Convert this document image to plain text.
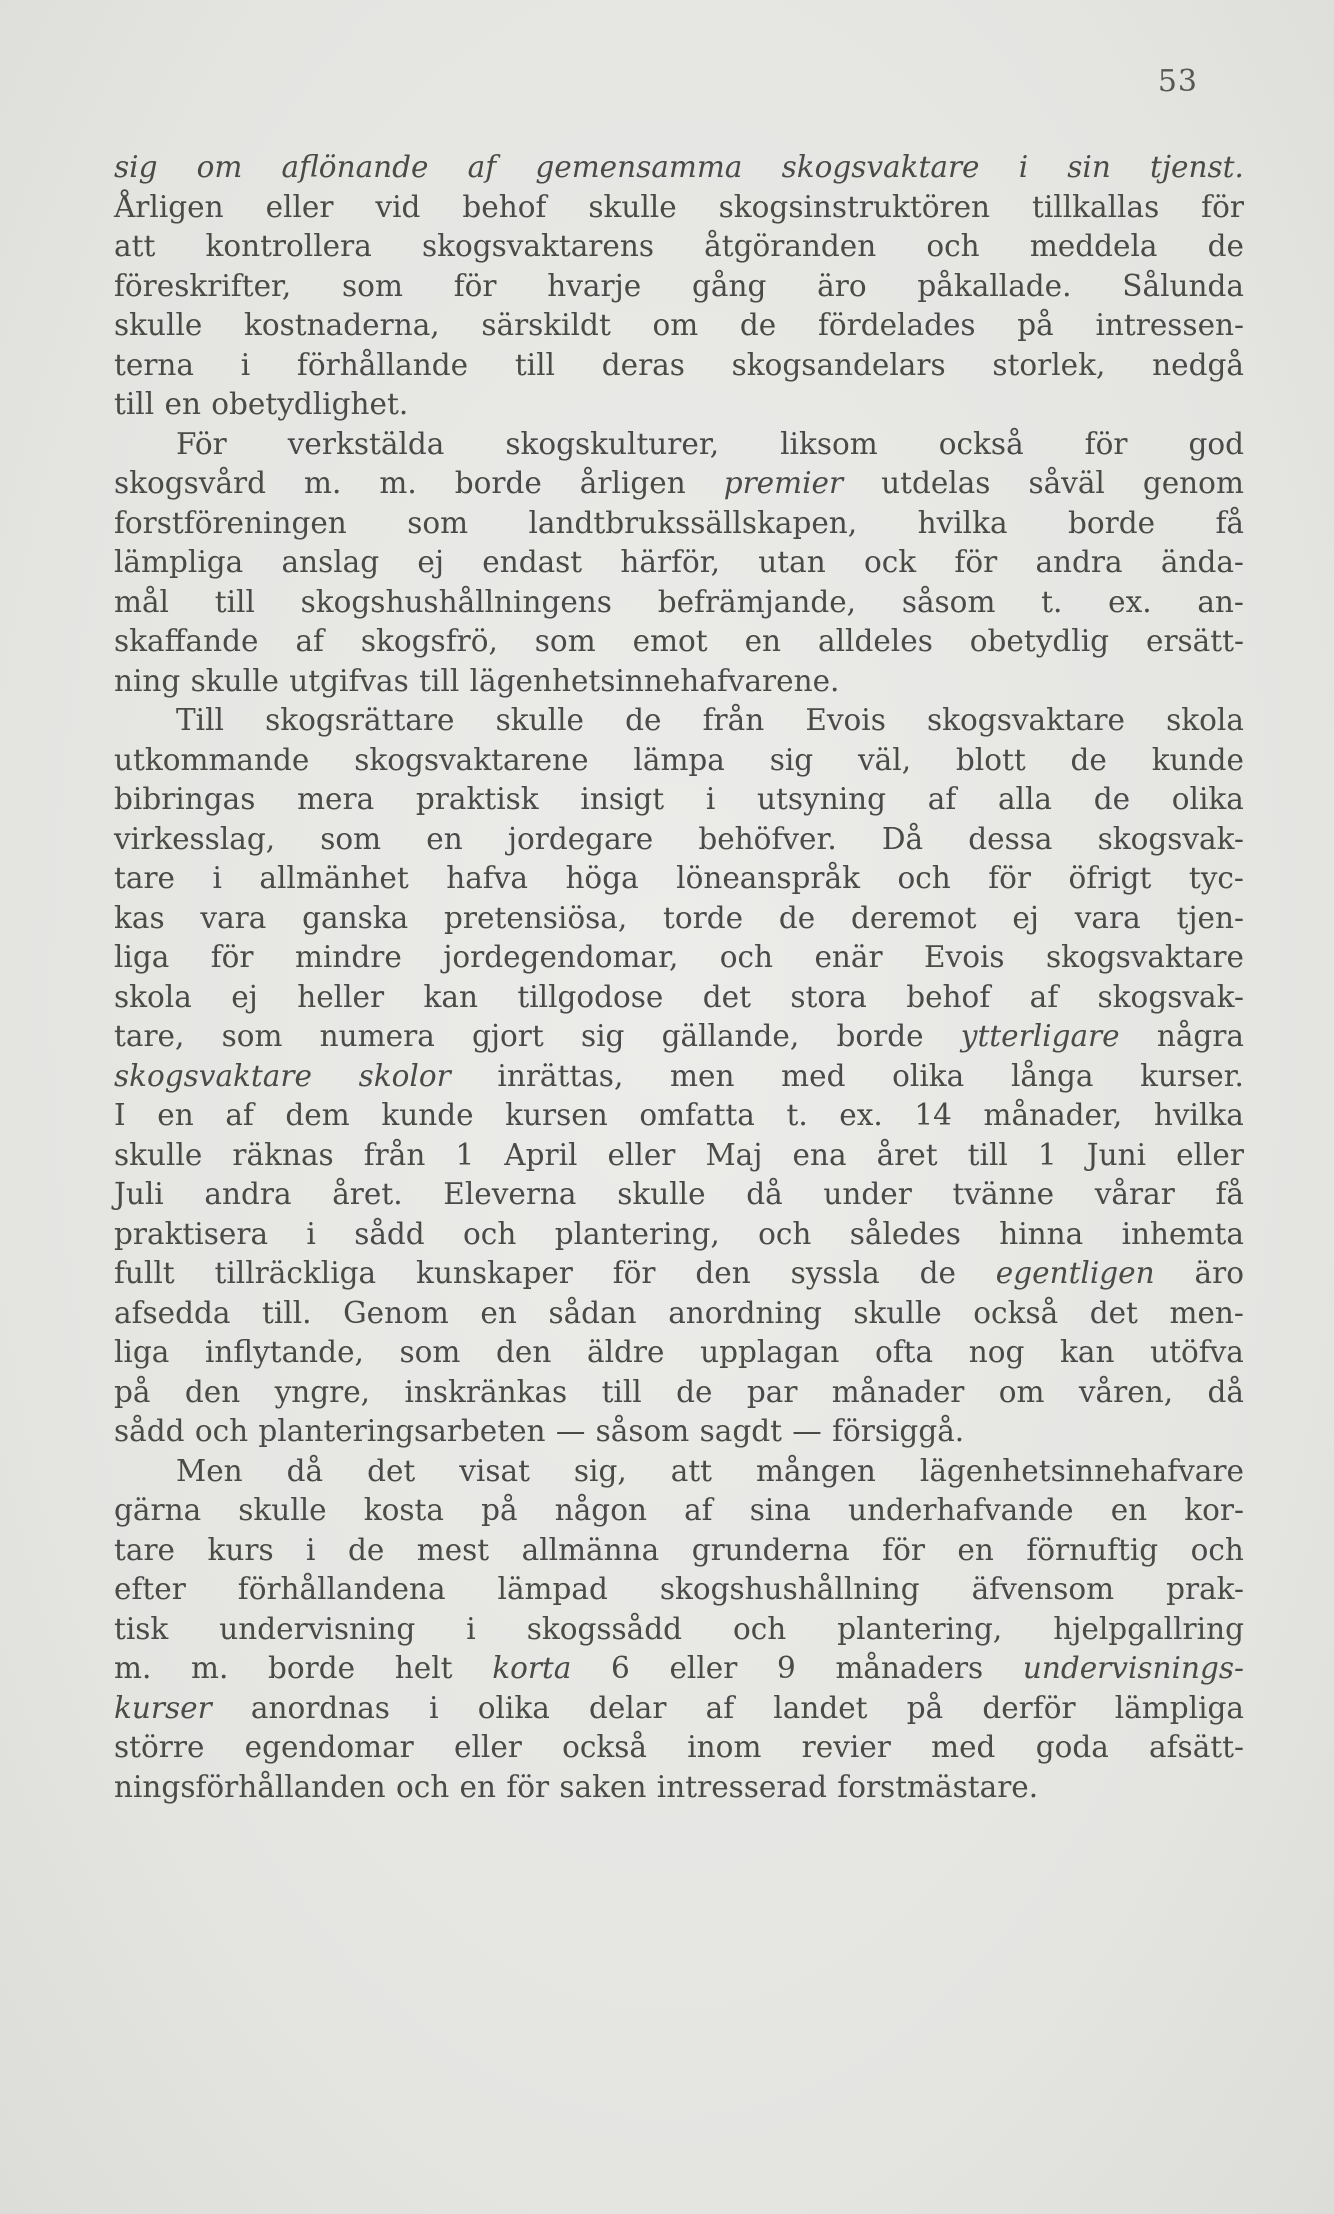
53
sig om aflönande af gemensamma skogsvaktare i sin tjenst.
Årligen eller vid behof skulle skogsinstruktören tillkallas för
att kontrollera skogsvaktarens åtgöranden och meddela de
föreskrifter, som för hvarje gång äro påkallade. Sålunda
skulle kostnaderna, särskildt om de fördelades på intressen-
terna i förhållande till deras skogsandelars storlek, nedgå
till en obetydlighet.
För verkstälda skogskulturer, liksom också för god
skogsvård m. m. borde årligen premier utdelas såväl genom
forstföreningen som landtbrukssällskapen, hvilka borde få
lämpliga anslag ej endast härför, utan ock för andra ända-
mål till skogshushållningens befrämjande, såsom t. ex. an-
skaffande af skogsfrö, som emot en alldeles obetydlig ersätt-
ning skulle utgifvas till lägenhetsinnehafvarene.
Till skogsrättare skulle de från Evois skogsvaktare skola
utkommande skogsvaktarene lämpa sig väl, blott de kunde
bibringas mera praktisk insigt i utsyning af alla de olika
virkesslag, som en jordegare behöfver. Då dessa skogsvak-
tare i allmänhet hafva höga löneanspråk och för öfrigt tyc-
kas vara ganska pretensiösa, torde de deremot ej vara tjen-
liga för mindre jordegendomar, och enär Evois skogsvaktare
skola ej heller kan tillgodose det stora behof af skogsvak-
tare, som numera gjort sig gällande, borde ytterligare några
skogsvaktare skolor inrättas, men med olika långa kurser.
I en af dem kunde kursen omfatta t. ex. 14 månader, hvilka
skulle räknas från 1 April eller Maj ena året till 1 Juni eller
Juli andra året. Eleverna skulle då under tvänne vårar få
praktisera i sådd och plantering, och således hinna inhemta
fullt tillräckliga kunskaper för den syssla de egentligen äro
afsedda till. Genom en sådan anordning skulle också det men-
liga inflytande, som den äldre upplagan ofta nog kan utöfva
på den yngre, inskränkas till de par månader om våren, då
sådd och planteringsarbeten — såsom sagdt — försiggå.
Men då det visat sig, att mången lägenhetsinnehafvare
gärna skulle kosta på någon af sina underhafvande en kor-
tare kurs i de mest allmänna grunderna för en förnuftig och
efter förhållandena lämpad skogshushållning äfvensom prak-
tisk undervisning i skogssådd och plantering, hjelpgallring
m. m. borde helt korta 6 eller 9 månaders undervisnings-
kurser anordnas i olika delar af landet på derför lämpliga
större egendomar eller också inom revier med goda afsätt-
ningsförhållanden och en för saken intresserad forstmästare.
